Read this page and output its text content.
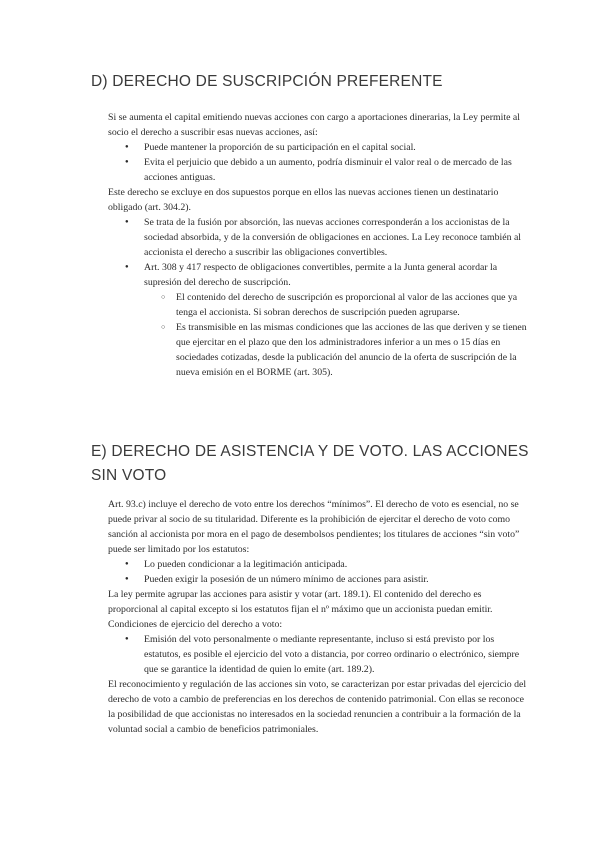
D) DERECHO DE SUSCRIPCIÓN PREFERENTE

Si se aumenta el capital emitiendo nuevas acciones con cargo a aportaciones dinerarias, la Ley permite al socio el derecho a suscribir esas nuevas acciones, así:

● Puede mantener la proporción de su participación en el capital social.
● Evita el perjuicio que debido a un aumento, podría disminuir el valor real o de mercado de las acciones antiguas.

Este derecho se excluye en dos supuestos porque en ellos las nuevas acciones tienen un destinatario obligado (art. 304.2).

● Se trata de la fusión por absorción, las nuevas acciones corresponderán a los accionistas de la sociedad absorbida, y de la conversión de obligaciones en acciones. La Ley reconoce también al accionista el derecho a suscribir las obligaciones convertibles.
● Art. 308 y 417 respecto de obligaciones convertibles, permite a la Junta general acordar la supresión del derecho de suscripción.
○ El contenido del derecho de suscripción es proporcional al valor de las acciones que ya tenga el accionista. Si sobran derechos de suscripción pueden agruparse.
○ Es transmisible en las mismas condiciones que las acciones de las que deriven y se tienen que ejercitar en el plazo que den los administradores inferior a un mes o 15 días en sociedades cotizadas, desde la publicación del anuncio de la oferta de suscripción de la nueva emisión en el BORME (art. 305).
E) DERECHO DE ASISTENCIA Y DE VOTO. LAS ACCIONES SIN VOTO

Art. 93.c) incluye el derecho de voto entre los derechos “mínimos”. El derecho de voto es esencial, no se puede privar al socio de su titularidad. Diferente es la prohibición de ejercitar el derecho de voto como sanción al accionista por mora en el pago de desembolsos pendientes; los titulares de acciones “sin voto” puede ser limitado por los estatutos:

● Lo pueden condicionar a la legitimación anticipada.
● Pueden exigir la posesión de un número mínimo de acciones para asistir.

La ley permite agrupar las acciones para asistir y votar (art. 189.1). El contenido del derecho es proporcional al capital excepto si los estatutos fijan el nº máximo que un accionista puedan emitir. Condiciones de ejercicio del derecho a voto:

● Emisión del voto personalmente o mediante representante, incluso si está previsto por los estatutos, es posible el ejercicio del voto a distancia, por correo ordinario o electrónico, siempre que se garantice la identidad de quien lo emite (art. 189.2).

El reconocimiento y regulación de las acciones sin voto, se caracterizan por estar privadas del ejercicio del derecho de voto a cambio de preferencias en los derechos de contenido patrimonial. Con ellas se reconoce la posibilidad de que accionistas no interesados en la sociedad renuncien a contribuir a la formación de la voluntad social a cambio de beneficios patrimoniales.
